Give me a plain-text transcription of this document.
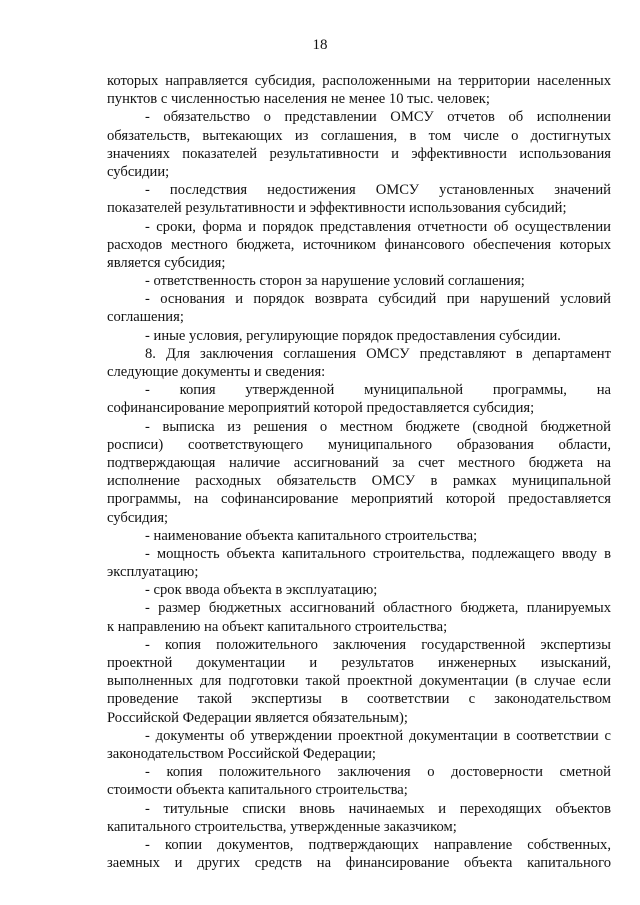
18
которых направляется субсидия, расположенными на территории населенных
пунктов с численностью населения не менее 10 тыс. человек;
- обязательство о представлении ОМСУ отчетов об исполнении
обязательств, вытекающих из соглашения, в том числе о достигнутых
значениях показателей результативности и эффективности использования
субсидии;
- последствия недостижения ОМСУ установленных значений
показателей результативности и эффективности использования субсидий;
- сроки, форма и порядок представления отчетности об осуществлении
расходов местного бюджета, источником финансового обеспечения которых
является субсидия;
- ответственность сторон за нарушение условий соглашения;
- основания и порядок возврата субсидий при нарушений условий
соглашения;
- иные условия, регулирующие порядок предоставления субсидии.
8. Для заключения соглашения ОМСУ представляют в департамент
следующие документы и сведения:
- копия утвержденной муниципальной программы, на
софинансирование мероприятий которой предоставляется субсидия;
- выписка из решения о местном бюджете (сводной бюджетной
росписи) соответствующего муниципального образования области,
подтверждающая наличие ассигнований за счет местного бюджета на
исполнение расходных обязательств ОМСУ в рамках муниципальной
программы, на софинансирование мероприятий которой предоставляется
субсидия;
- наименование объекта капитального строительства;
- мощность объекта капитального строительства, подлежащего вводу в
эксплуатацию;
- срок ввода объекта в эксплуатацию;
- размер бюджетных ассигнований областного бюджета, планируемых
к направлению на объект капитального строительства;
- копия положительного заключения государственной экспертизы
проектной документации и результатов инженерных изысканий,
выполненных для подготовки такой проектной документации (в случае если
проведение такой экспертизы в соответствии с законодательством
Российской Федерации является обязательным);
- документы об утверждении проектной документации в соответствии с
законодательством Российской Федерации;
- копия положительного заключения о достоверности сметной
стоимости объекта капитального строительства;
- титульные списки вновь начинаемых и переходящих объектов
капитального строительства, утвержденные заказчиком;
- копии документов, подтверждающих направление собственных,
заемных и других средств на финансирование объекта капитального
